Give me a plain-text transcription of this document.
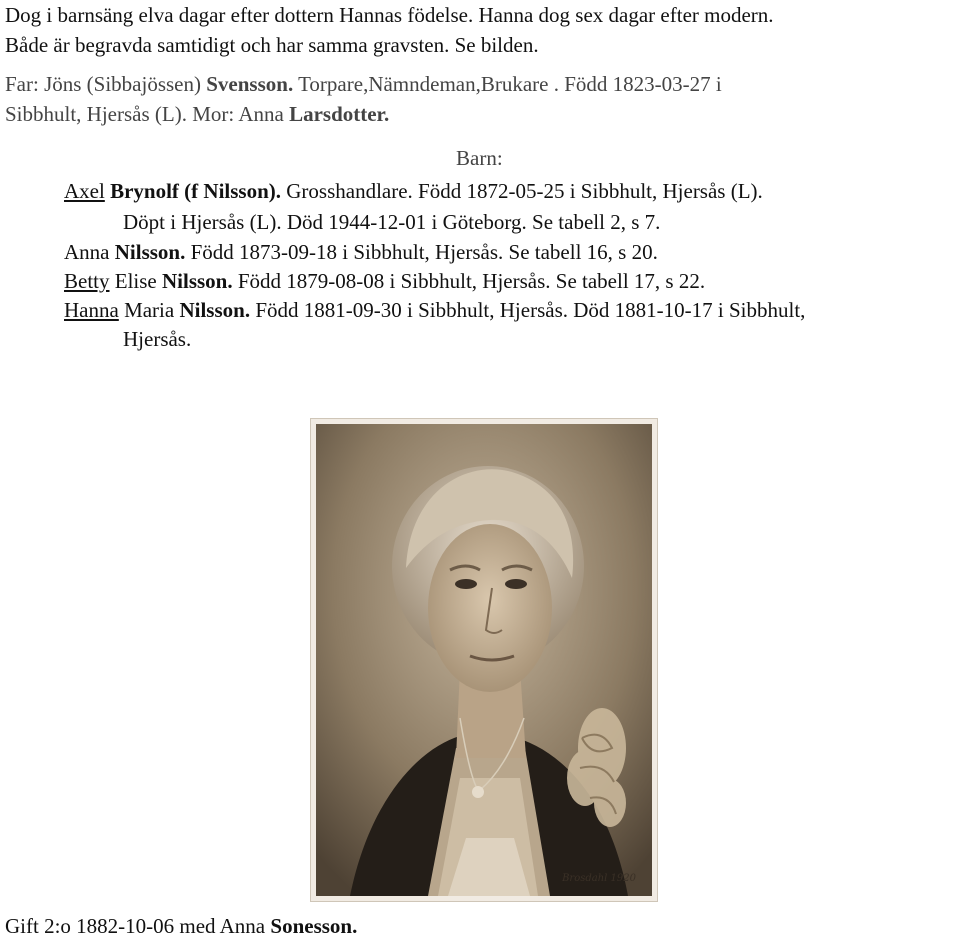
Dog i barnsäng elva dagar efter dottern Hannas födelse. Hanna dog sex dagar efter modern.
Både är begravda samtidigt och har samma gravsten. Se bilden.
Far: Jöns (Sibbajössen) Svensson. Torpare,Nämndeman,Brukare . Född 1823-03-27 i
Sibbhult, Hjersås (L). Mor: Anna Larsdotter.
Barn:
Axel Brynolf (f Nilsson). Grosshandlare. Född 1872-05-25 i Sibbhult, Hjersås (L).
Döpt i Hjersås (L). Död 1944-12-01 i Göteborg. Se tabell 2, s 7.
Anna Nilsson. Född 1873-09-18 i Sibbhult, Hjersås. Se tabell 16, s 20.
Betty Elise Nilsson. Född 1879-08-08 i Sibbhult, Hjersås. Se tabell 17, s 22.
Hanna Maria Nilsson. Född 1881-09-30 i Sibbhult, Hjersås. Död 1881-10-17 i Sibbhult,
Hjersås.
Brosdahl 1920
Gift 2:o 1882-10-06 med Anna Sonesson.
